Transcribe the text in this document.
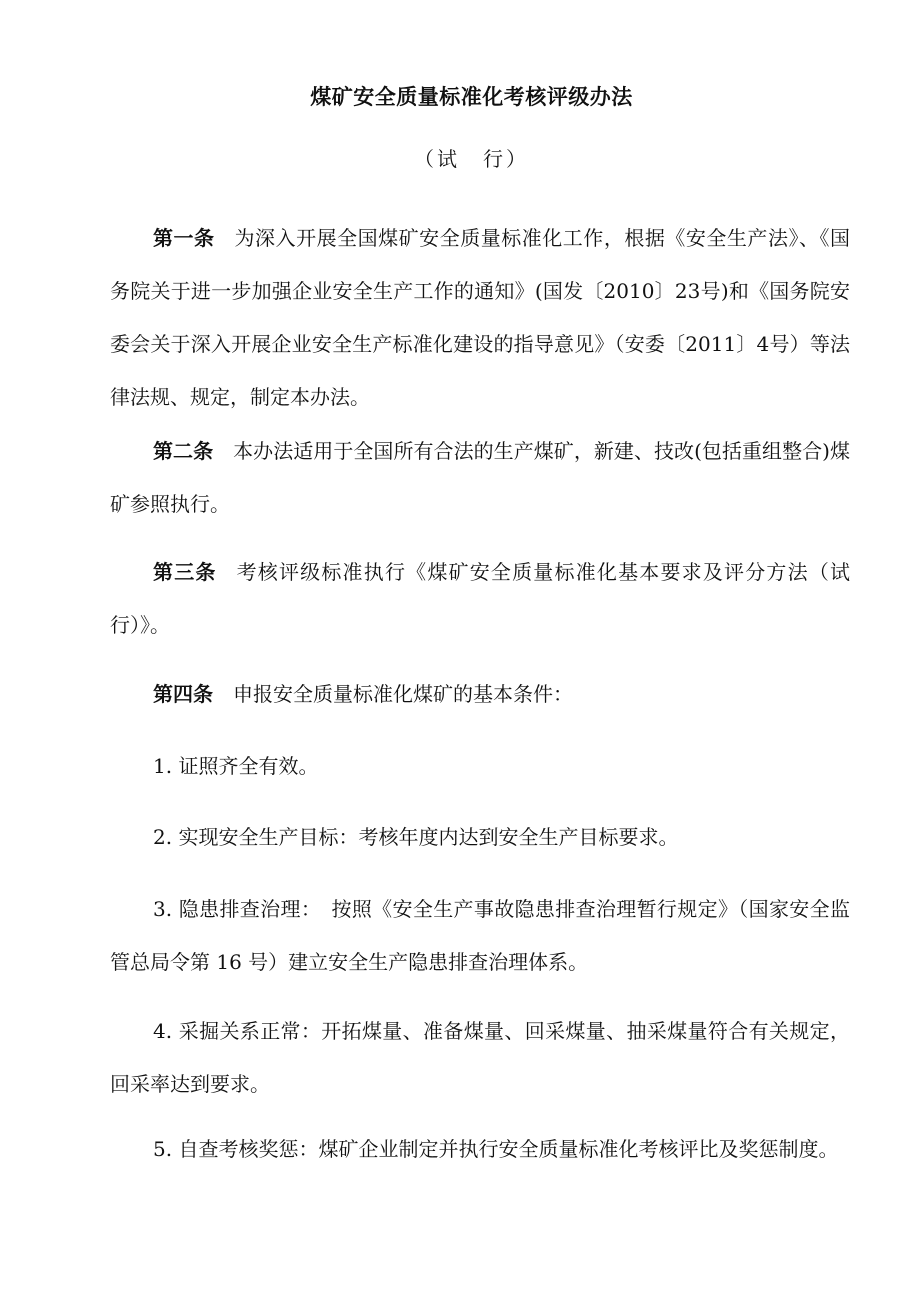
煤矿安全质量标准化考核评级办法
（试　行）
第一条 为深入开展全国煤矿安全质量标准化工作，根据《安全生产法》、《国务院关于进一步加强企业安全生产工作的通知》(国发〔2010〕23号)和《国务院安委会关于深入开展企业安全生产标准化建设的指导意见》（安委〔2011〕4号）等法律法规、规定，制定本办法。
第二条 本办法适用于全国所有合法的生产煤矿，新建、技改(包括重组整合)煤矿参照执行。
第三条 考核评级标准执行《煤矿安全质量标准化基本要求及评分方法（试行）》。
第四条 申报安全质量标准化煤矿的基本条件：
1. 证照齐全有效。
2. 实现安全生产目标：考核年度内达到安全生产目标要求。
3. 隐患排查治理：　按照《安全生产事故隐患排查治理暂行规定》（国家安全监管总局令第 16 号）建立安全生产隐患排查治理体系。
4. 采掘关系正常：开拓煤量、准备煤量、回采煤量、抽采煤量符合有关规定，回采率达到要求。
5. 自查考核奖惩：煤矿企业制定并执行安全质量标准化考核评比及奖惩制度。
